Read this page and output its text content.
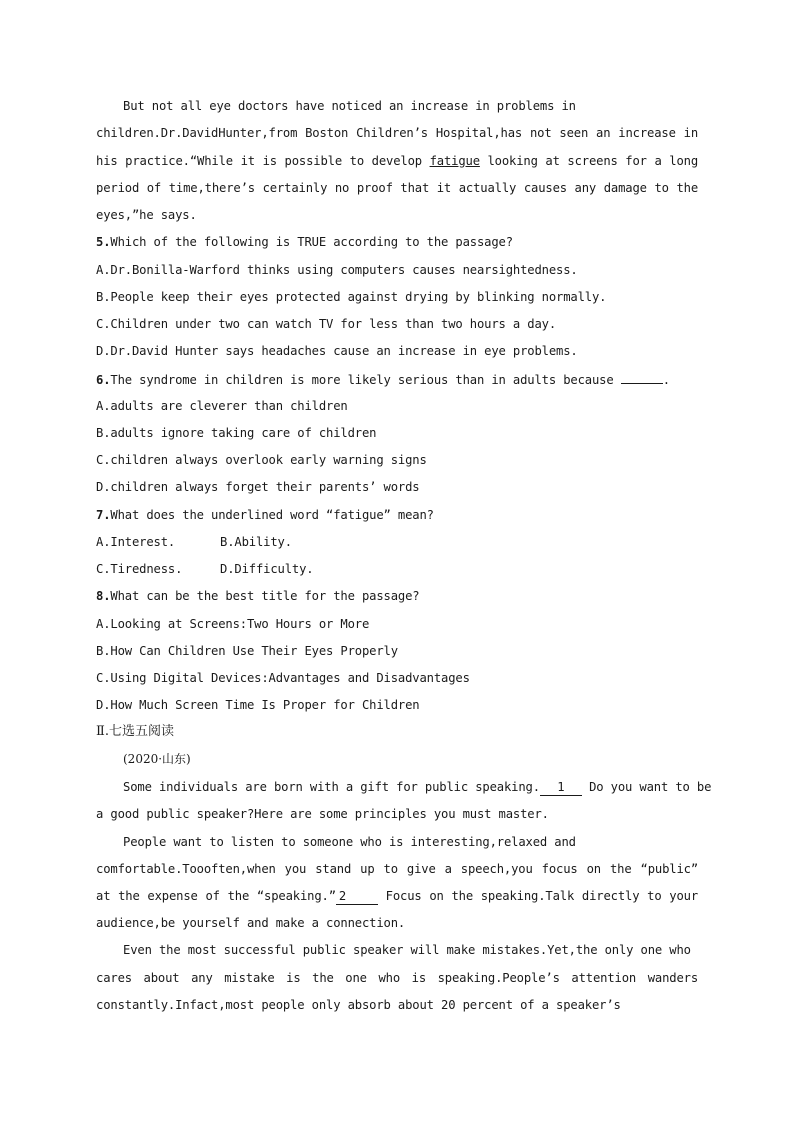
But not all eye doctors have noticed an increase in problems in
children.Dr.DavidHunter,from Boston Children’s Hospital,has not seen an increase in
his practice.“While it is possible to develop fatigue looking at screens for a long
period of time,there’s certainly no proof that it actually causes any damage to the
eyes,”he says.
5.Which of the following is TRUE according to the passage?
A.Dr.Bonilla-Warford thinks using computers causes nearsightedness.
B.People keep their eyes protected against drying by blinking normally.
C.Children under two can watch TV for less than two hours a day.
D.Dr.David Hunter says headaches cause an increase in eye problems.
6.The syndrome in children is more likely serious than in adults because	.
A.adults are cleverer than children
B.adults ignore taking care of children
C.children always overlook early warning signs
D.children always forget their parents’ words
7.What does the underlined word “fatigue” mean?
A.Interest.	B.Ability.
C.Tiredness.	D.Difficulty.
8.What can be the best title for the passage?
A.Looking at Screens:Two Hours or More
B.How Can Children Use Their Eyes Properly
C.Using Digital Devices:Advantages and Disadvantages
D.How Much Screen Time Is Proper for Children
Ⅱ.七选五阅读
(2020·山东)
Some individuals are born with a gift for public speaking. 1 Do you want to be
a good public speaker?Here are some principles you must master.
People want to listen to someone who is interesting,relaxed and
comfortable.Toooften,when you stand up to give a speech,you focus on the “public”
at the expense of the “speaking.” 2	Focus on the speaking.Talk directly to your
audience,be yourself and make a connection.
Even the most successful public speaker will make mistakes.Yet,the only one who
cares about any mistake is the one who is speaking.People’s attention wanders
constantly.Infact,most people only absorb about 20 percent of a speaker’s
